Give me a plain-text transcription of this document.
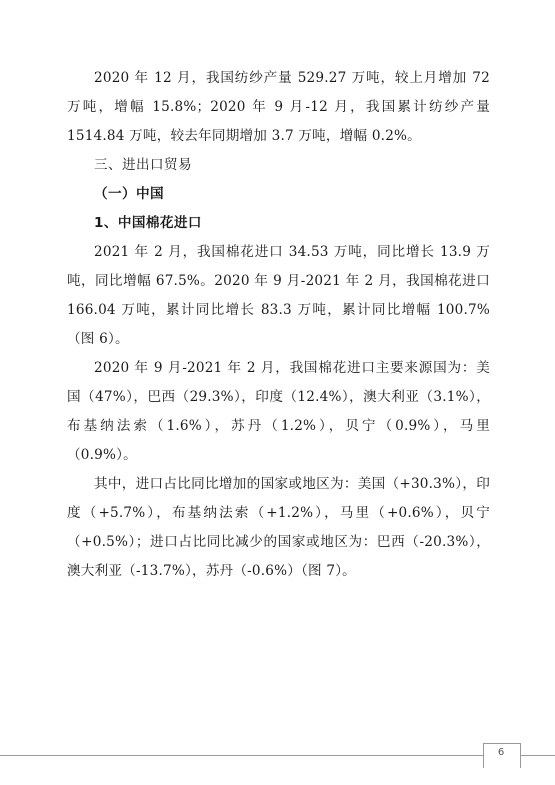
2020 年 12 月，我国纺纱产量 529.27 万吨，较上月增加 72 万吨，增幅 15.8%；2020 年 9 月-12 月，我国累计纺纱产量 1514.84 万吨，较去年同期增加 3.7 万吨，增幅 0.2%。

三、进出口贸易

（一）中国

1、中国棉花进口

2021 年 2 月，我国棉花进口 34.53 万吨，同比增长 13.9 万吨，同比增幅 67.5%。2020 年 9 月-2021 年 2 月，我国棉花进口 166.04 万吨，累计同比增长 83.3 万吨，累计同比增幅 100.7%（图 6）。

2020 年 9 月-2021 年 2 月，我国棉花进口主要来源国为：美国（47%），巴西（29.3%），印度（12.4%），澳大利亚（3.1%），布基纳法索（1.6%），苏丹（1.2%），贝宁（0.9%），马里（0.9%）。

其中，进口占比同比增加的国家或地区为：美国（+30.3%），印度（+5.7%），布基纳法索（+1.2%），马里（+0.6%），贝宁（+0.5%）；进口占比同比减少的国家或地区为：巴西（-20.3%），澳大利亚（-13.7%），苏丹（-0.6%）（图 7）。

6
